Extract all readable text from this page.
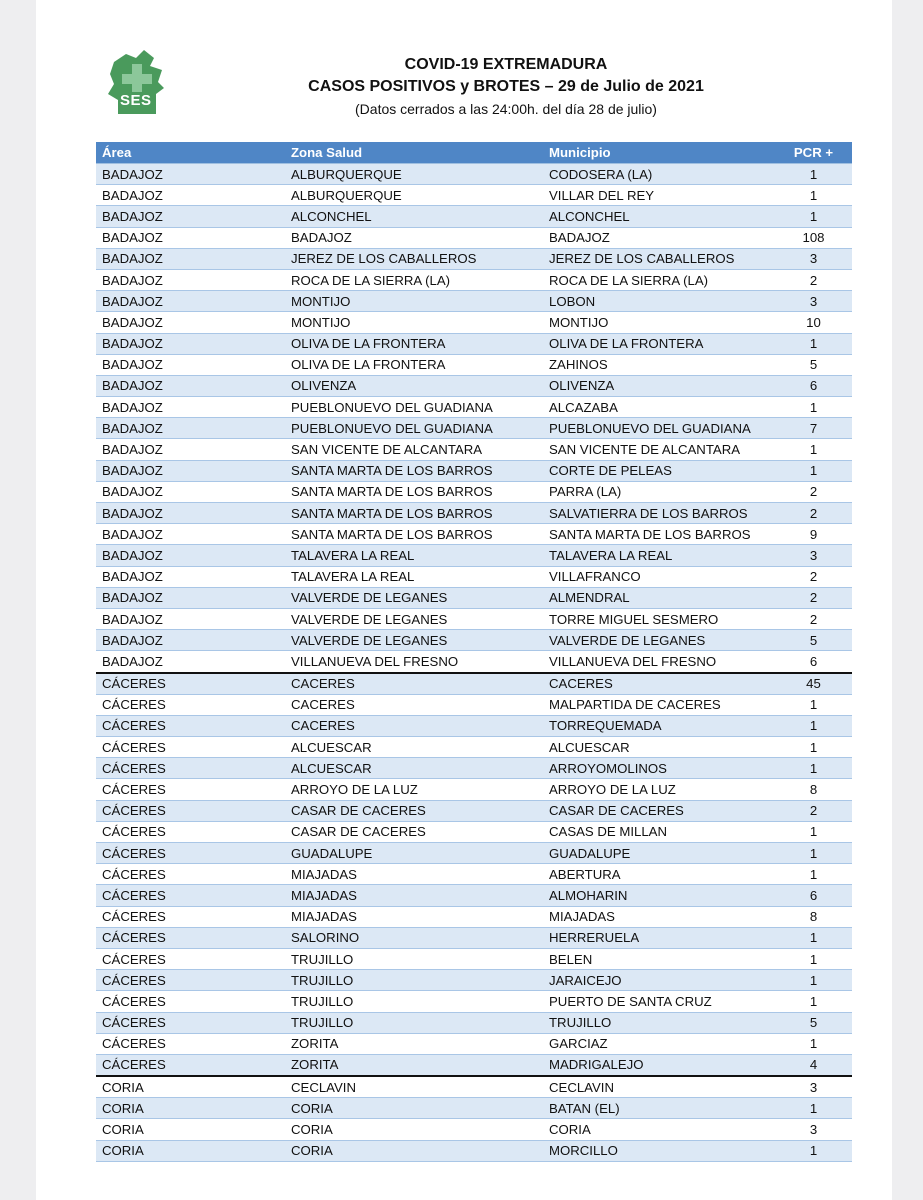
SES
COVID-19 EXTREMADURA
CASOS POSITIVOS y BROTES – 29 de Julio de 2021
(Datos cerrados a las 24:00h. del día 28 de julio)
Área	Zona Salud	Municipio	PCR +
BADAJOZ	ALBURQUERQUE	CODOSERA (LA)	1
BADAJOZ	ALBURQUERQUE	VILLAR DEL REY	1
BADAJOZ	ALCONCHEL	ALCONCHEL	1
BADAJOZ	BADAJOZ	BADAJOZ	108
BADAJOZ	JEREZ DE LOS CABALLEROS	JEREZ DE LOS CABALLEROS	3
BADAJOZ	ROCA DE LA SIERRA (LA)	ROCA DE LA SIERRA (LA)	2
BADAJOZ	MONTIJO	LOBON	3
BADAJOZ	MONTIJO	MONTIJO	10
BADAJOZ	OLIVA DE LA FRONTERA	OLIVA DE LA FRONTERA	1
BADAJOZ	OLIVA DE LA FRONTERA	ZAHINOS	5
BADAJOZ	OLIVENZA	OLIVENZA	6
BADAJOZ	PUEBLONUEVO DEL GUADIANA	ALCAZABA	1
BADAJOZ	PUEBLONUEVO DEL GUADIANA	PUEBLONUEVO DEL GUADIANA	7
BADAJOZ	SAN VICENTE DE ALCANTARA	SAN VICENTE DE ALCANTARA	1
BADAJOZ	SANTA MARTA DE LOS BARROS	CORTE DE PELEAS	1
BADAJOZ	SANTA MARTA DE LOS BARROS	PARRA (LA)	2
BADAJOZ	SANTA MARTA DE LOS BARROS	SALVATIERRA DE LOS BARROS	2
BADAJOZ	SANTA MARTA DE LOS BARROS	SANTA MARTA DE LOS BARROS	9
BADAJOZ	TALAVERA LA REAL	TALAVERA LA REAL	3
BADAJOZ	TALAVERA LA REAL	VILLAFRANCO	2
BADAJOZ	VALVERDE DE LEGANES	ALMENDRAL	2
BADAJOZ	VALVERDE DE LEGANES	TORRE MIGUEL SESMERO	2
BADAJOZ	VALVERDE DE LEGANES	VALVERDE DE LEGANES	5
BADAJOZ	VILLANUEVA DEL FRESNO	VILLANUEVA DEL FRESNO	6
CÁCERES	CACERES	CACERES	45
CÁCERES	CACERES	MALPARTIDA DE CACERES	1
CÁCERES	CACERES	TORREQUEMADA	1
CÁCERES	ALCUESCAR	ALCUESCAR	1
CÁCERES	ALCUESCAR	ARROYOMOLINOS	1
CÁCERES	ARROYO DE LA LUZ	ARROYO DE LA LUZ	8
CÁCERES	CASAR DE CACERES	CASAR DE CACERES	2
CÁCERES	CASAR DE CACERES	CASAS DE MILLAN	1
CÁCERES	GUADALUPE	GUADALUPE	1
CÁCERES	MIAJADAS	ABERTURA	1
CÁCERES	MIAJADAS	ALMOHARIN	6
CÁCERES	MIAJADAS	MIAJADAS	8
CÁCERES	SALORINO	HERRERUELA	1
CÁCERES	TRUJILLO	BELEN	1
CÁCERES	TRUJILLO	JARAICEJO	1
CÁCERES	TRUJILLO	PUERTO DE SANTA CRUZ	1
CÁCERES	TRUJILLO	TRUJILLO	5
CÁCERES	ZORITA	GARCIAZ	1
CÁCERES	ZORITA	MADRIGALEJO	4
CORIA	CECLAVIN	CECLAVIN	3
CORIA	CORIA	BATAN (EL)	1
CORIA	CORIA	CORIA	3
CORIA	CORIA	MORCILLO	1
